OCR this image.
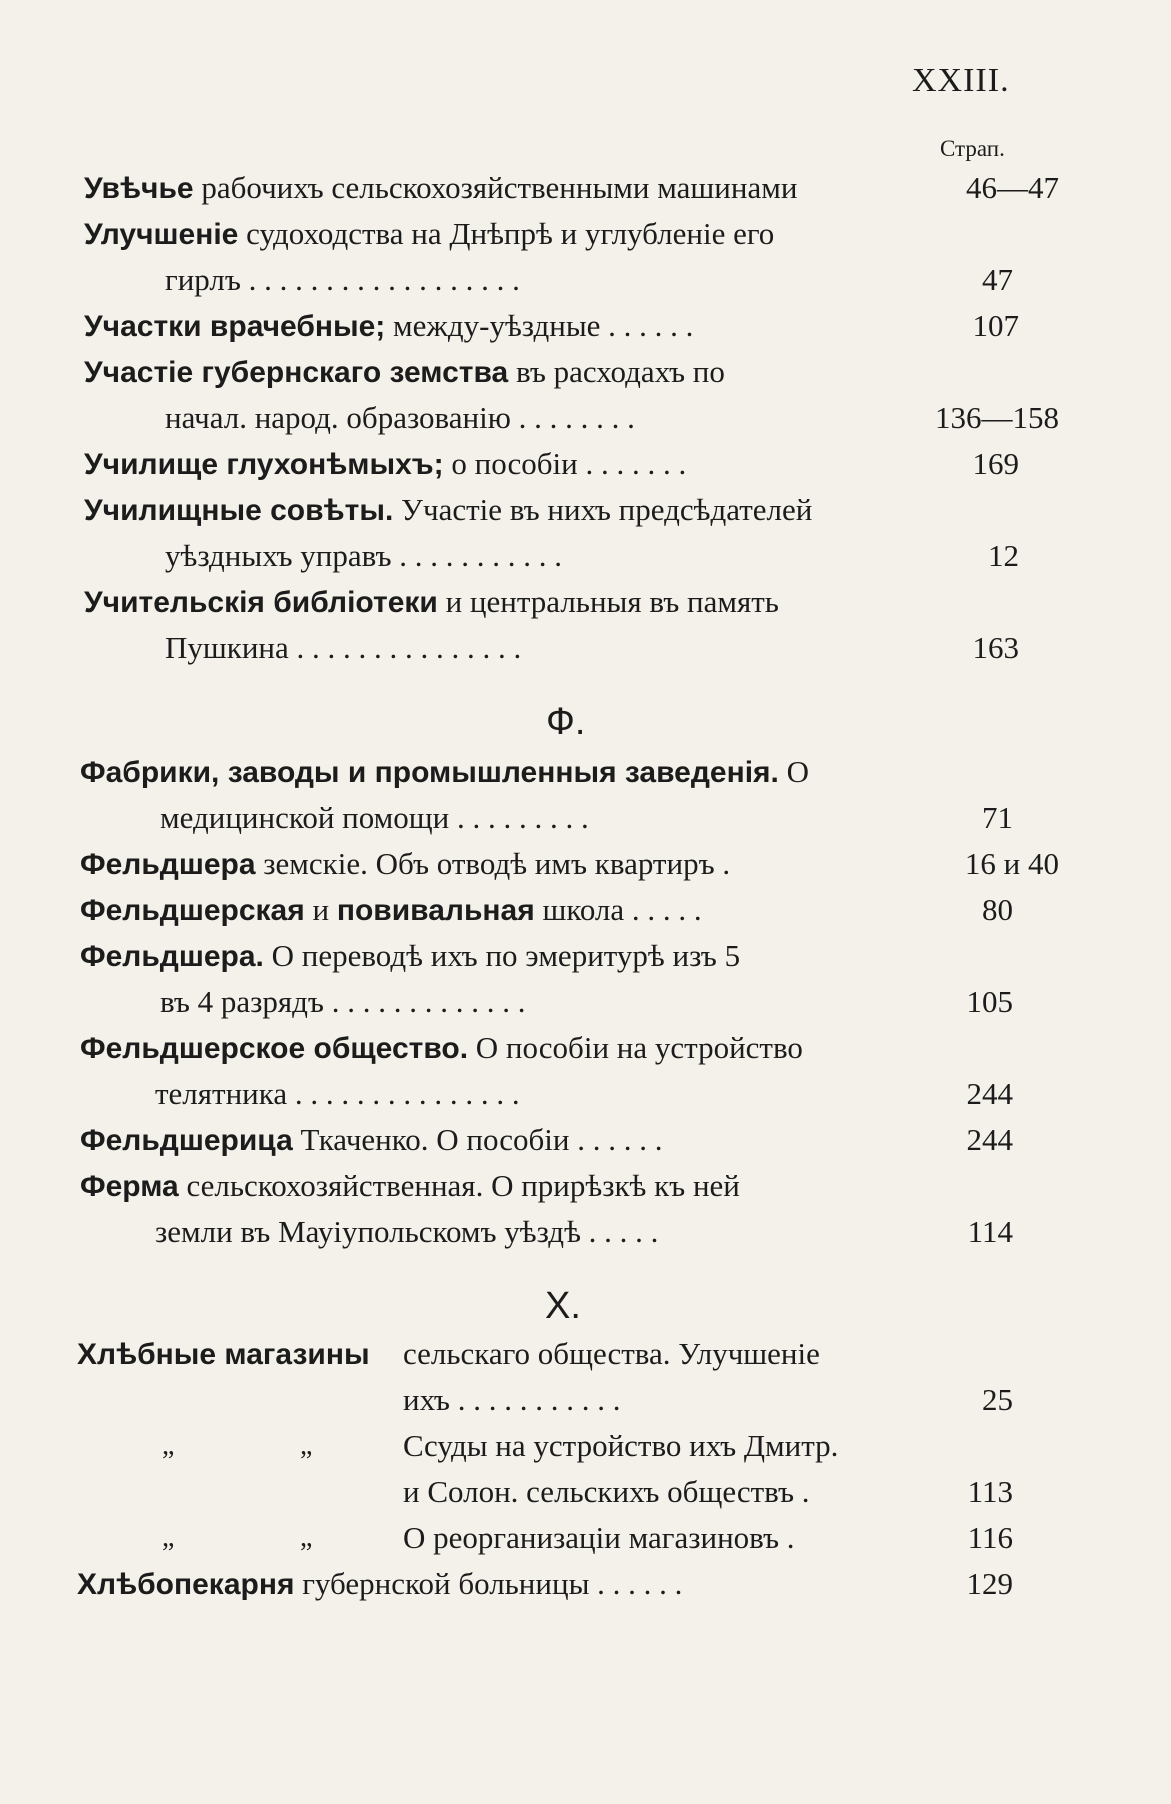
XXIII.
Страп.
Увѣчье рабочихъ сельскохозяйственными машинами	46—47
Улучшеніе судоходства на Днѣпрѣ и углубленіе его
гирлъ . . . . . . . . . . . . . . . . . .	47
Участки врачебные; между-уѣздные . . . . . .	107
Участіе губернскаго земства въ расходахъ по
начал. народ. образованію . . . . . . . .	136—158
Училище глухонѣмыхъ; о пособіи . . . . . . .	169
Училищные совѣты. Участіе въ нихъ предсѣдателей
уѣздныхъ управъ . . . . . . . . . . .	12
Учительскія библіотеки и центральныя въ память
Пушкина . . . . . . . . . . . . . . .	163
Ф.
Фабрики, заводы и промышленныя заведенія. О
медицинской помощи . . . . . . . . .	71
Фельдшера земскіе. Объ отводѣ имъ квартиръ .	16 и 40
Фельдшерская и повивальная школа . . . . .	80
Фельдшера. О переводѣ ихъ по эмеритурѣ изъ 5
въ 4 разрядъ . . . . . . . . . . . . .	105
Фельдшерское общество. О пособіи на устройство
телятника . . . . . . . . . . . . . . .	244
Фельдшерица Ткаченко. О пособіи . . . . . .	244
Ферма сельскохозяйственная. О прирѣзкѣ къ ней
земли въ Мауіупольскомъ уѣздѣ . . . . .	114
Х.
Хлѣбные магазины сельскаго общества. Улучшеніе
ихъ . . . . . . . . . . .	25
„	„	Ссуды на устройство ихъ Дмитр.
и Солон. сельскихъ обществъ .	113
„	„	О реорганизаціи магазиновъ .	116
Хлѣбопекарня губернской больницы . . . . . .	129
